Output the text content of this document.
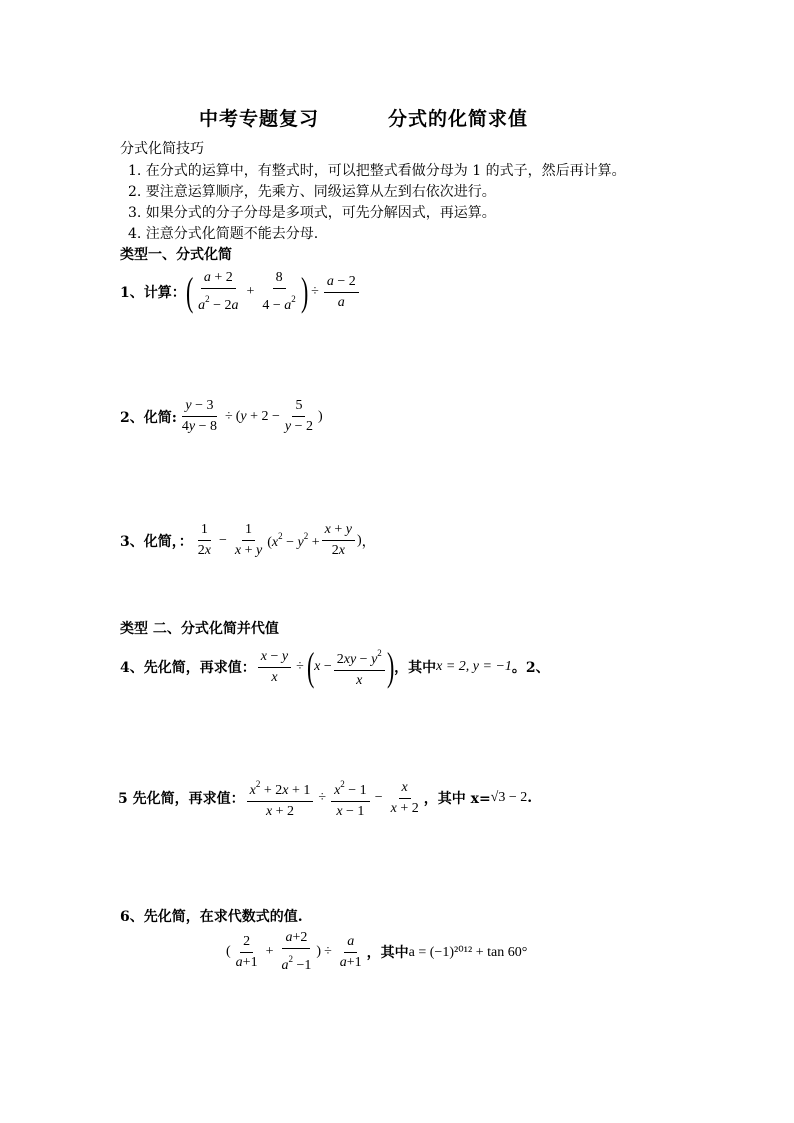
中考专题复习	分式的化简求值
分式化简技巧
1. 在分式的运算中，有整式时，可以把整式看做分母为 1 的式子，然后再计算。
2. 要注意运算顺序，先乘方、同级运算从左到右依次进行。
3. 如果分式的分子分母是多项式，可先分解因式，再运算。
4. 注意分式化简题不能去分母.
类型一、分式化简
1、计算： ( $\frac{a + 2}{a^2 - 2a} + \frac{8}{4 - a^2}$ ) ÷ $\frac{a - 2}{a}$
2、化简: $\frac{y - 3}{4y - 8} \div (y + 2 - \frac{5}{y - 2}$ )
3、化简，： $\frac{1}{2x} - \frac{1}{x + y} (x^2 - y^2 + \frac{x + y}{2x}$ ) ，
类型 二、分式化简并代值
4、先化简，再求值： $\frac{x - y}{x}$ ÷ ( $x - \frac{2xy - y^2}{x}$ ) ，其中 x = 2, y = −1 。2、
5 先化简，再求值： $\frac{x^2 + 2x + 1}{x + 2} \div \frac{x^2 - 1}{x - 1} - \frac{x}{x + 2}$ ，其中 x= √3 − 2 .
6、先化简，在求代数式的值.
( $\frac{2}{a+1} + \frac{a+2}{a^2 -1}$ ) ÷ $\frac{a}{a+1}$ ，其中 a = (−1)²⁰¹² + tan 60°
